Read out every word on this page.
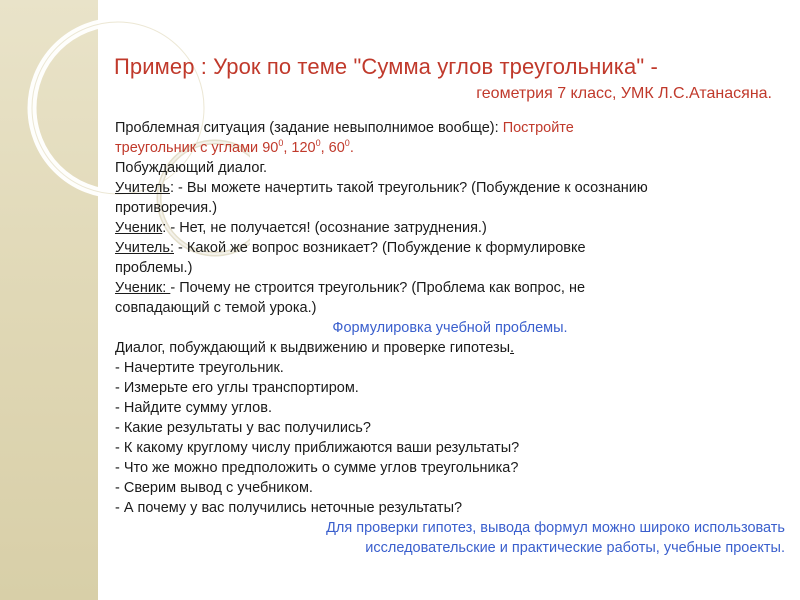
Пример : Урок по теме "Сумма углов треугольника" -
геометрия 7 класс, УМК Л.С.Атанасяна.

Проблемная ситуация (задание невыполнимое вообще): Постройте

треугольник с углами $90^0$, $120^0$, $60^0$.

Побуждающий диалог.

Учитель: - Вы можете начертить такой треугольник? (Побуждение к осознанию

противоречия.)

Ученик: - Нет, не получается! (осознание затруднения.)

Учитель: - Какой же вопрос возникает? (Побуждение к формулировке

проблемы.)

Ученик: - Почему не строится треугольник? (Проблема как вопрос, не

совпадающий с темой урока.)

Формулировка учебной проблемы.

Диалог, побуждающий к выдвижению и проверке гипотезы.

- Начертите треугольник.

- Измерьте его углы транспортиром.

- Найдите сумму углов.

- Какие результаты у вас получились?

- К какому круглому числу приближаются ваши результаты?

- Что же можно предположить о сумме углов треугольника?

- Сверим вывод с учебником.

- А почему у вас получились неточные результаты?

Для проверки гипотез, вывода формул можно широко использовать

исследовательские и практические работы, учебные проекты.
